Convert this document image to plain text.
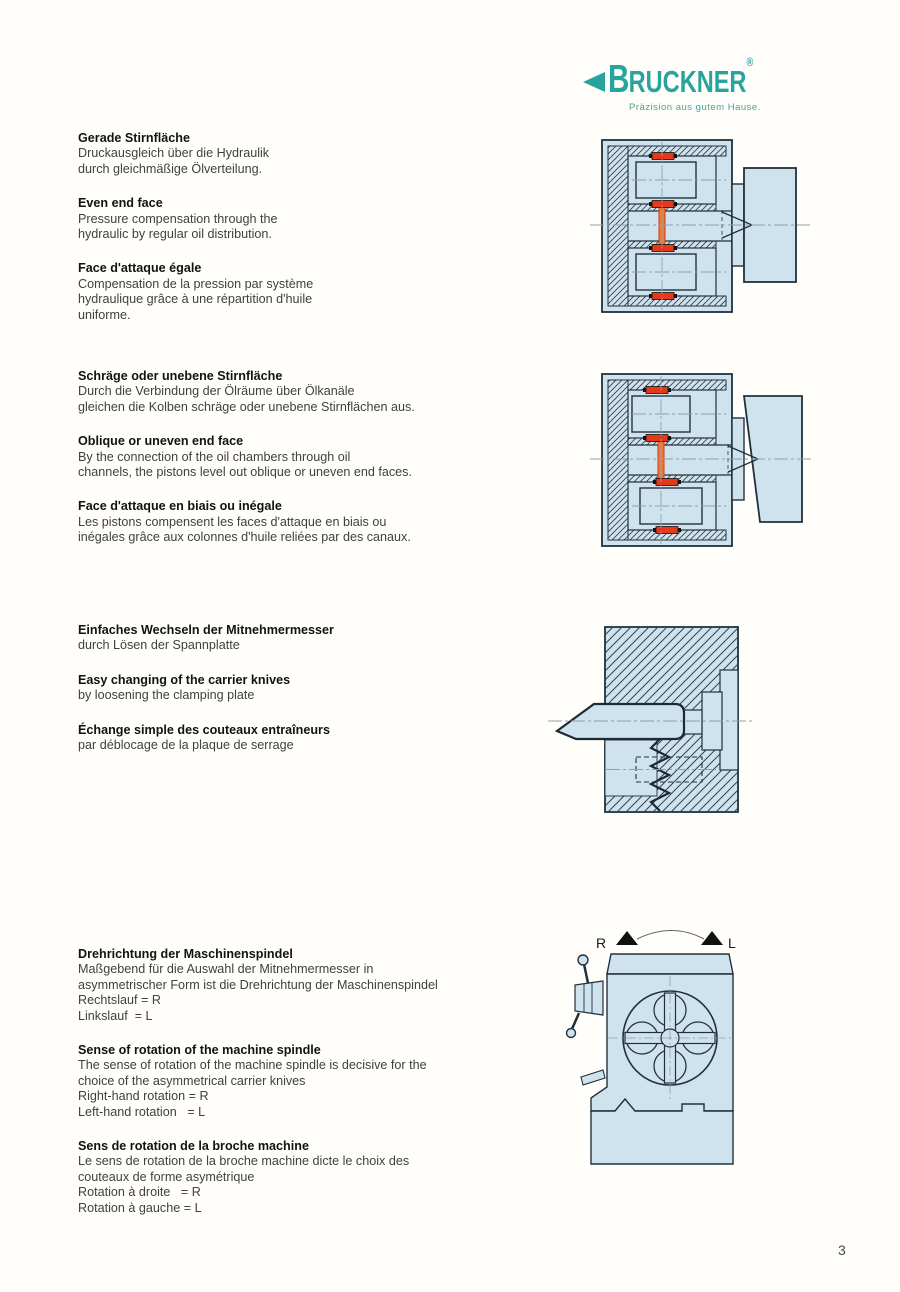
BRUCKNER®
Präzision aus gutem Hause.
Gerade Stirnfläche
Druckausgleich über die Hydraulik
durch gleichmäßige Ölverteilung.
Even end face
Pressure compensation through the
hydraulic by regular oil distribution.
Face d'attaque égale
Compensation de la pression par système
hydraulique grâce à une répartition d'huile
uniforme.
Schräge oder unebene Stirnfläche
Durch die Verbindung der Ölräume über Ölkanäle
gleichen die Kolben schräge oder unebene Stirnflächen aus.
Oblique or uneven end face
By the connection of the oil chambers through oil
channels, the pistons level out oblique or uneven end faces.
Face d'attaque en biais ou inégale
Les pistons compensent les faces d'attaque en biais ou
inégales grâce aux colonnes d'huile reliées par des canaux.
Einfaches Wechseln der Mitnehmermesser
durch Lösen der Spannplatte
Easy changing of the carrier knives
by loosening the clamping plate
Échange simple des couteaux entraîneurs
par déblocage de la plaque de serrage
Drehrichtung der Maschinenspindel
Maßgebend für die Auswahl der Mitnehmermesser in
asymmetrischer Form ist die Drehrichtung der Maschinenspindel
Rechtslauf = R
Linkslauf  = L
Sense of rotation of the machine spindle
The sense of rotation of the machine spindle is decisive for the
choice of the asymmetrical carrier knives
Right-hand rotation = R
Left-hand rotation   = L
Sens de rotation de la broche machine
Le sens de rotation de la broche machine dicte le choix des
couteaux de forme asymétrique
Rotation à droite   = R
Rotation à gauche = L
R	L
3
